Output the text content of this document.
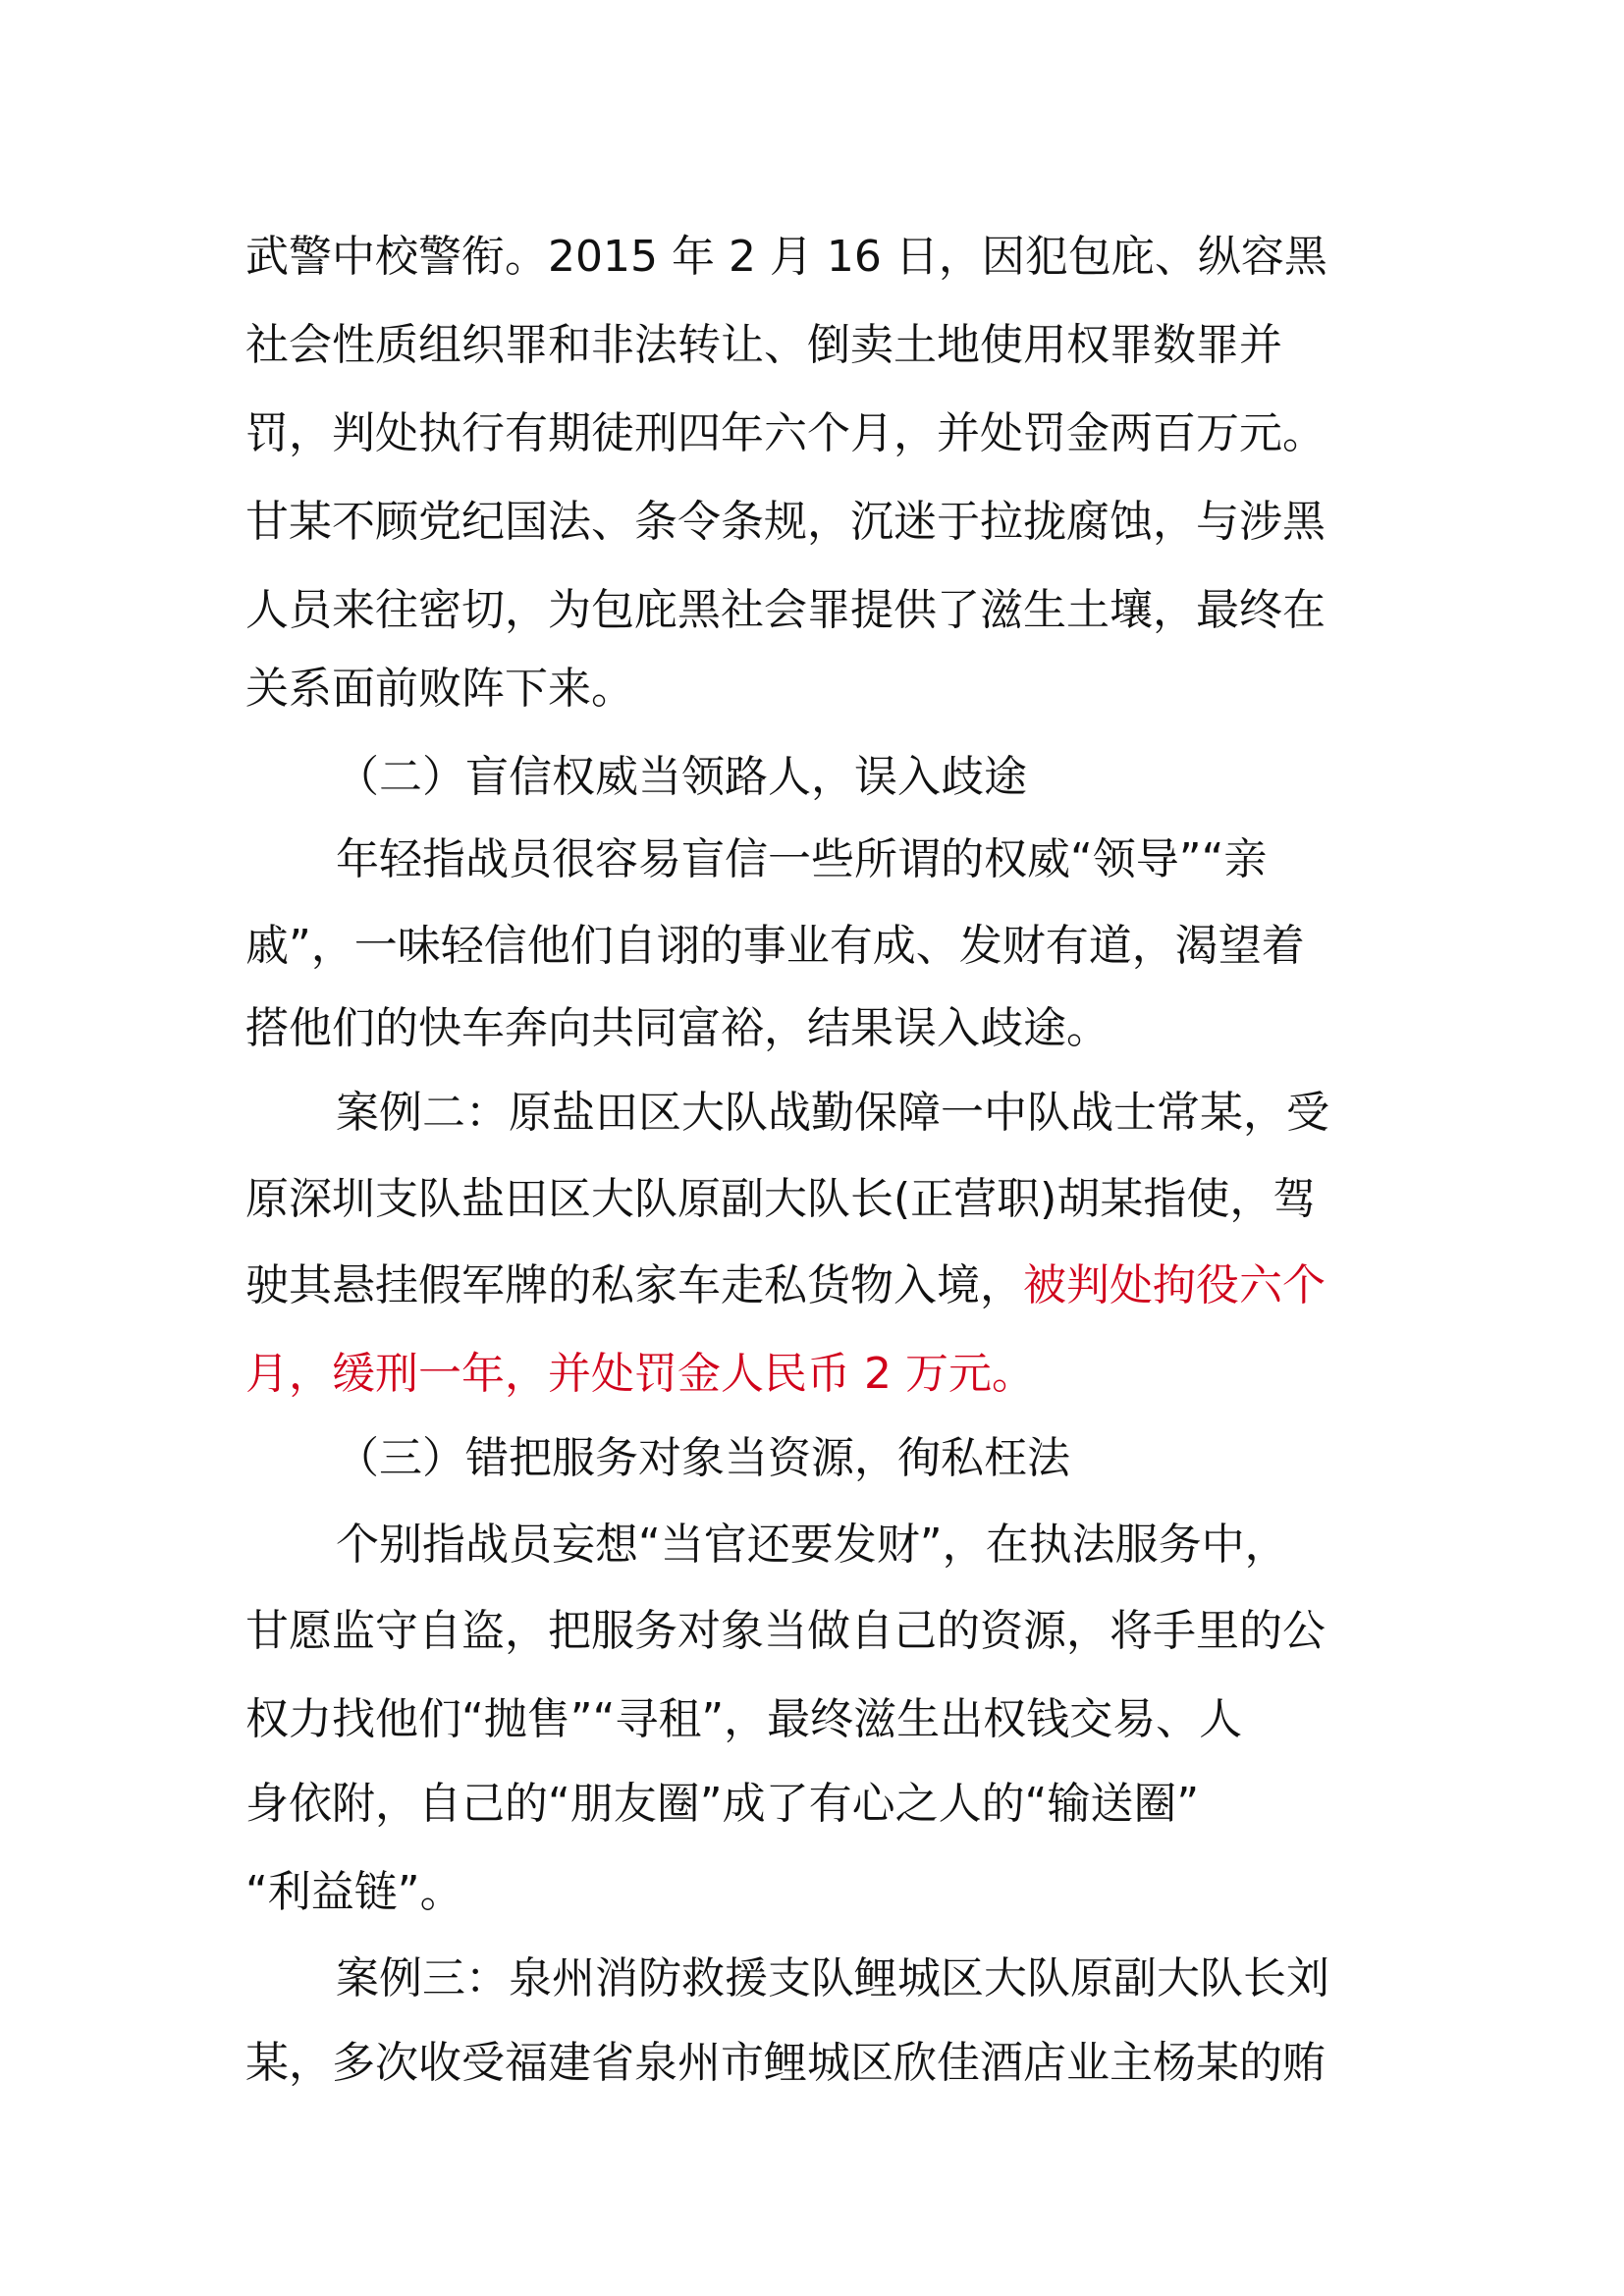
武警中校警衔。2015 年 2 月 16 日，因犯包庇、纵容黑
社会性质组织罪和非法转让、倒卖土地使用权罪数罪并
罚，判处执行有期徒刑四年六个月，并处罚金两百万元。
甘某不顾党纪国法、条令条规，沉迷于拉拢腐蚀，与涉黑
人员来往密切，为包庇黑社会罪提供了滋生土壤，最终在
关系面前败阵下来。
（二）盲信权威当领路人，误入歧途
年轻指战员很容易盲信一些所谓的权威“领导”“亲
戚”，一味轻信他们自诩的事业有成、发财有道，渴望着
搭他们的快车奔向共同富裕，结果误入歧途。
案例二：原盐田区大队战勤保障一中队战士常某，受
原深圳支队盐田区大队原副大队长(正营职)胡某指使，驾
驶其悬挂假军牌的私家车走私货物入境，被判处拘役六个
月，缓刑一年，并处罚金人民币 2 万元。
（三）错把服务对象当资源，徇私枉法
个别指战员妄想“当官还要发财”，在执法服务中，
甘愿监守自盗，把服务对象当做自己的资源，将手里的公
权力找他们“抛售”“寻租”，最终滋生出权钱交易、人
身依附，自己的“朋友圈”成了有心之人的“输送圈”
“利益链”。
案例三：泉州消防救援支队鲤城区大队原副大队长刘
某，多次收受福建省泉州市鲤城区欣佳酒店业主杨某的贿
